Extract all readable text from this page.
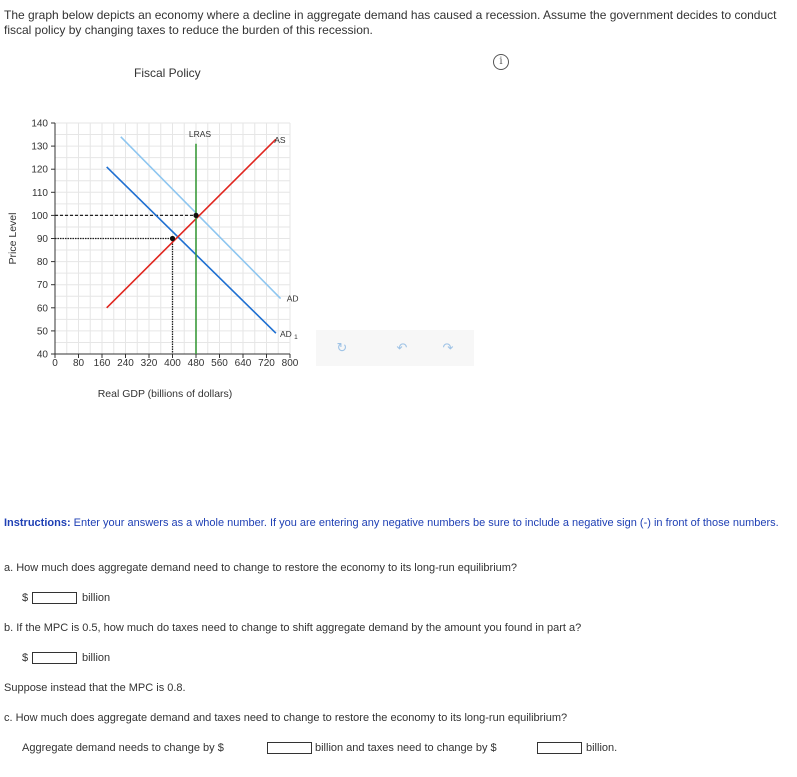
The graph below depicts an economy where a decline in aggregate demand has caused a recession. Assume the government decides to conduct fiscal policy by changing taxes to reduce the burden of this recession.
Fiscal Policy
i
40
50
60
70
80
90
100
110
120
130
140
0 80 160 240 320 400 480 560 640 720 800
Real GDP (billions of dollars)
Price Level
LRAS
AS
AD
AD 1
↻	↶	↷
Instructions: Enter your answers as a whole number. If you are entering any negative numbers be sure to include a negative sign (-) in front of those numbers.
a. How much does aggregate demand need to change to restore the economy to its long-run equilibrium?
$	billion
b. If the MPC is 0.5, how much do taxes need to change to shift aggregate demand by the amount you found in part a?
$	billion
Suppose instead that the MPC is 0.8.
c. How much does aggregate demand and taxes need to change to restore the economy to its long-run equilibrium?
Aggregate demand needs to change by $	billion and taxes need to change by $	billion.
